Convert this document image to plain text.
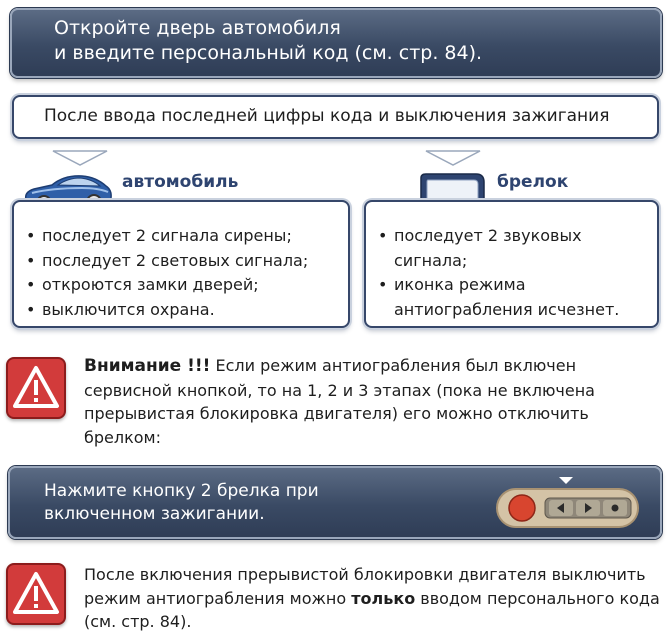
Откройте дверь автомобиля
и введите персональный код (см. стр. 84).
После ввода последней цифры кода и выключения зажигания
автомобиль	брелок
• последует 2 сигнала сирены;
• последует 2 световых сигнала;
• откроются замки дверей;
• выключится охрана.
• последует 2 звуковых сигнала;
• иконка режима антиограбления исчезнет.
Внимание !!! Если режим антиограбления был включен сервисной кнопкой, то на 1, 2 и 3 этапах (пока не включена прерывистая блокировка двигателя) его можно отключить брелком:
Нажмите кнопку 2 брелка при
включенном зажигании.
После включения прерывистой блокировки двигателя выключить режим антиограбления можно только вводом персонального кода (см. стр. 84).
